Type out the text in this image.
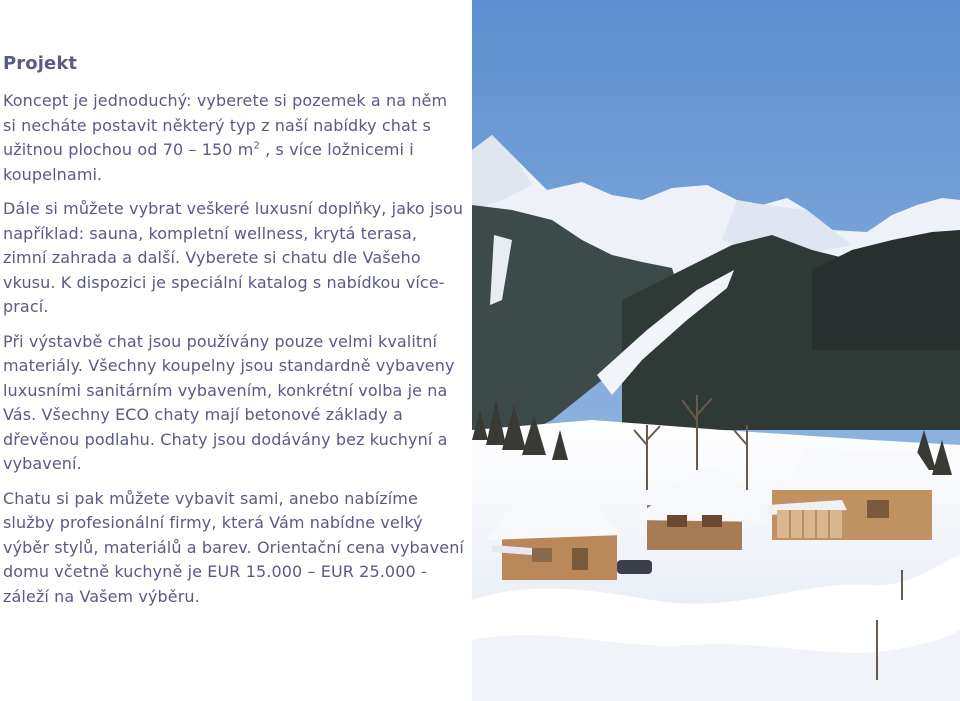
Projekt

Koncept je jednoduchý: vyberete si pozemek a na něm si necháte postavit některý typ z naší nabídky chat s užitnou plochou od 70 – 150 $m^2$ , s více ložnicemi i koupelnami.

Dále si můžete vybrat veškeré luxusní doplňky, jako jsou například: sauna, kompletní wellness, krytá terasa, zimní zahrada a další. Vyberete si chatu dle Vašeho vkusu. K dispozici je speciální katalog s nabídkou více-prací.

Při výstavbě chat jsou používány pouze velmi kvalitní materiály. Všechny koupelny jsou standardně vybaveny luxusními sanitárním vybavením, konkrétní volba je na Vás. Všechny ECO chaty mají betonové základy a dřevěnou podlahu. Chaty jsou dodávány bez kuchyní a vybavení.

Chatu si pak můžete vybavit sami, anebo nabízíme služby profesionální firmy, která Vám nabídne velký výběr stylů, materiálů a barev. Orientační cena vybavení domu včetně kuchyně je EUR 15.000 – EUR 25.000 - záleží na Vašem výběru.
